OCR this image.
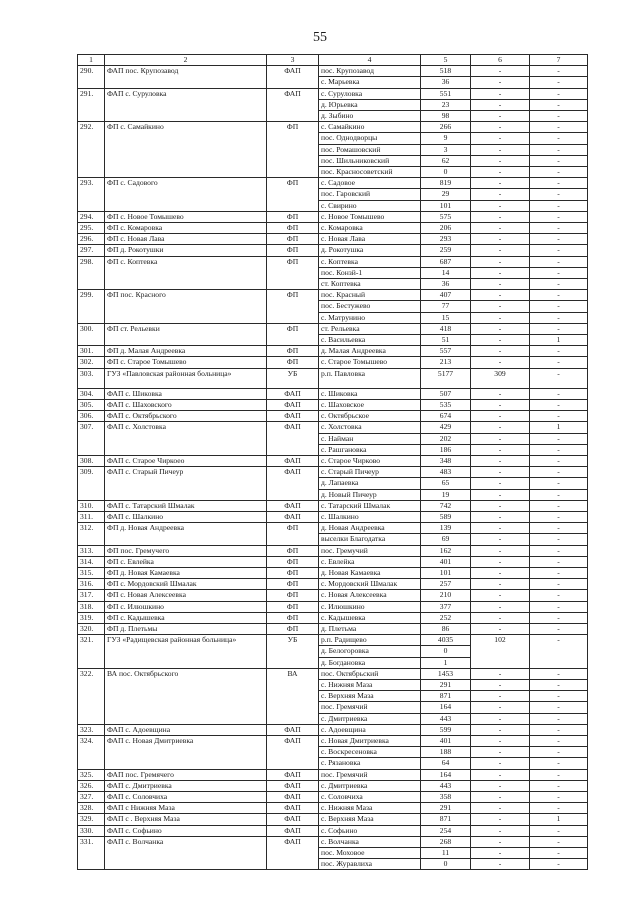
55
1	2	3	4	5	6	7
290.	ФАП пос. Крупозавод	ФАП	пос. Крупозавод	518	-	-
			с. Марьевка	36	-	-
291.	ФАП с. Суруловка	ФАП	с. Суруловка	551	-	-
			д. Юрьевка	23	-	-
			д. Зыбино	98	-	-
292.	ФП с. Самайкино	ФП	с. Самайкино	266	-	-
			пос. Однодворцы	9	-	-
			пос. Ромашовский	3	-	-
			пос. Шильниковский	62	-	-
			пос. Красносоветский	0	-	-
293.	ФП с. Садового	ФП	с. Садовое	819	-	-
			пос. Гаровский	29	-	-
			с. Свирино	101	-	-
294.	ФП с. Новое Томышево	ФП	с. Новое Томышево	575	-	-
295.	ФП с. Комаровка	ФП	с. Комаровка	206	-	-
296.	ФП с. Новая Лава	ФП	с. Новая Лава	293	-	-
297.	ФП д. Рокотушки	ФП	д. Рокотушка	259	-	-
298.	ФП с. Коптевка	ФП	с. Коптевка	687	-	-
			пос. Конзй-1	14	-	-
			ст. Коптевка	36	-	-
299.	ФП пос. Красного	ФП	пос. Красный	407	-	-
			пос. Бестужево	77	-	-
			с. Матрунино	15	-	-
300.	ФП ст. Рельевки	ФП	ст. Рельевка	418	-	-
			с. Васильевка	51	-	1
301.	ФП д. Малая Андреевка	ФП	д. Малая Андреевка	557	-	-
302.	ФП с. Старое Томышево	ФП	с. Старое Томышево	213	-	-
303.	ГУЗ «Павловская районная больница»	УБ	р.п. Павловка	5177	309	-
304.	ФАП с. Шиковка	ФАП	с. Шиковка	507	-	-
305.	ФАП с. Шаховского	ФАП	с. Шаховское	535	-	-
306.	ФАП с. Октябрьского	ФАП	с. Октябрьское	674	-	-
307.	ФАП с. Холстовка	ФАП	с. Холстовка	429	-	1
			с. Найман	202	-	-
			с. Рашгановка	186	-	-
308.	ФАП с. Старое Чиркоео	ФАП	с. Старое Чирково	348	-	-
309.	ФАП с. Старый Пичеур	ФАП	с. Старый Пичеур	483	-	-
			д. Лапаевка	65	-	-
			д. Новый Пичеур	19	-	-
310.	ФАП с. Татарский Шмалак	ФАП	с. Татарский Шмалак	742	-	-
311.	ФАП с. Шалкино	ФАП	с. Шалкино	589	-	-
312.	ФП д. Новая Андреевка	ФП	д. Новая Андреевка	139	-	-
			выселки Благодатка	69	-	-
313.	ФП пос. Гремучего	ФП	пос. Гремучий	162	-	-
314.	ФП с. Евлейка	ФП	с. Евлейка	401	-	-
315.	ФП д. Новая Камаевка	ФП	д. Новая Камаевка	101	-	-
316.	ФП с. Мордовский Шмалак	ФП	с. Мордовский Шмалак	257	-	-
317.	ФП с. Новая Алексеевка	ФП	с. Новая Алексеевка	210	-	-
318.	ФП с. Илюшкино	ФП	с. Илюшкино	377	-	-
319.	ФП с. Кадышевка	ФП	с. Кадышевка	252	-	-
320.	ФП д. Плетьмы	ФП	д. Плетьма	86	-	-
321.	ГУЗ «Радищевская районная больница»	УБ	р.п. Радищево	4035	102	-
			д. Белогоровка	0		
			д. Богдановка	1		
322.	ВА пос. Октябрьского	ВА	пос. Октябрьский	1453	-	-
			с. Нижняя Маза	291	-	-
			с. Верхняя Маза	871	-	-
			пос. Гремячий	164	-	-
			с. Дмитриевка	443	-	-
323.	ФАП с. Адоевщина	ФАП	с. Адоевщина	599	-	-
324.	ФАП с. Новая Дмитриевка	ФАП	с. Новая Дмитриевка	401	-	-
			с. Воскресеновка	188	-	-
			с. Рязановка	64	-	-
325.	ФАП пос. Гремячего	ФАП	пос. Гремячий	164	-	-
326.	ФАП с. Дмитриевка	ФАП	с. Дмитриевка	443	-	-
327.	ФАП с. Соловчиха	ФАП	с. Соловчиха	358	-	-
328.	ФАП с Нижняя Маза	ФАП	с. Нижняя Маза	291	-	-
329.	ФАП с . Верхняя Маза	ФАП	с. Верхняя Маза	871	-	1
330.	ФАП с. Софьино	ФАП	с. Софьино	254	-	-
331.	ФАП с. Волчанка	ФАП	с. Волчанка	268	-	-
			пос. Моховое	11	-	-
			пос. Журавлиха	0	-	-
